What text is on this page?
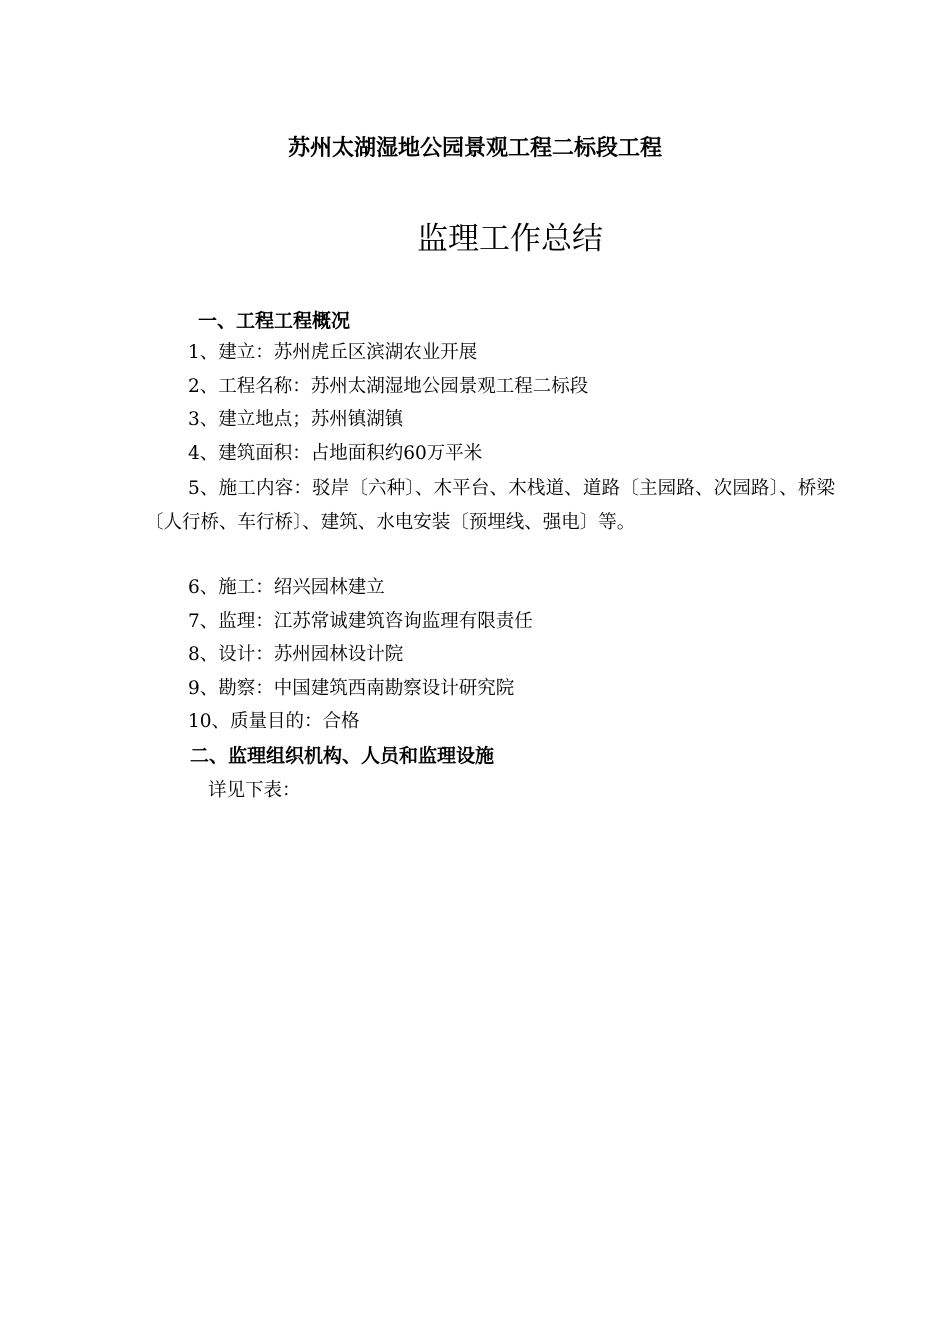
苏州太湖湿地公园景观工程二标段工程
监理工作总结
一、工程工程概况
1、建立：苏州虎丘区滨湖农业开展
2、工程名称：苏州太湖湿地公园景观工程二标段
3、建立地点；苏州镇湖镇
4、建筑面积：占地面积约60万平米
5、施工内容：驳岸〔六种〕、木平台、木栈道、道路〔主园路、次园路〕、桥梁〔人行桥、车行桥〕、建筑、水电安装〔预埋线、强电〕等。
6、施工：绍兴园林建立
7、监理：江苏常诚建筑咨询监理有限责任
8、设计：苏州园林设计院
9、勘察：中国建筑西南勘察设计研究院
10、质量目的：合格
二、监理组织机构、人员和监理设施
详见下表：
